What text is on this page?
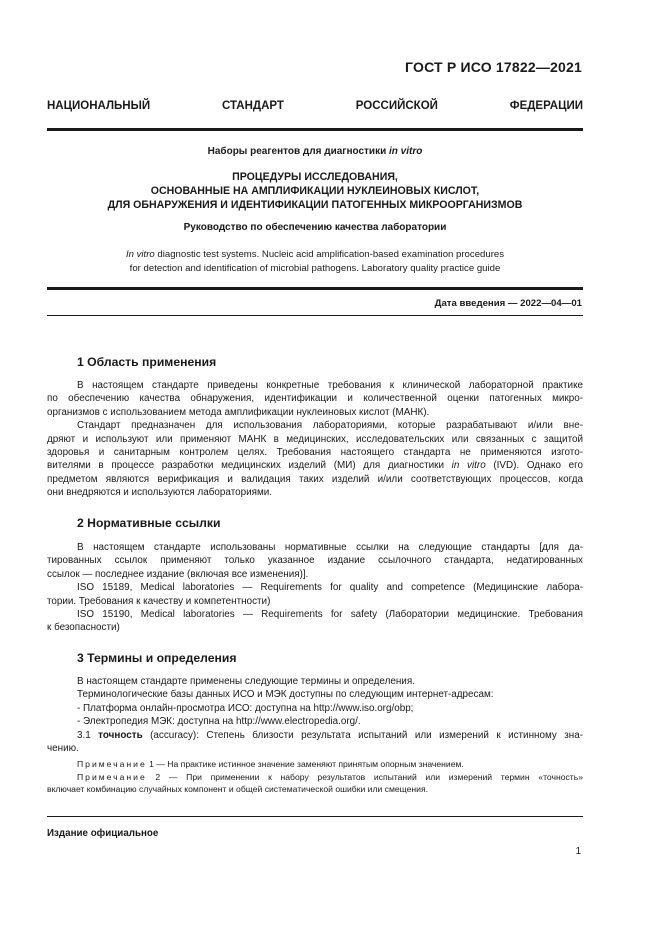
ГОСТ Р ИСО 17822—2021
НАЦИОНАЛЬНЫЙ СТАНДАРТ РОССИЙСКОЙ ФЕДЕРАЦИИ
Наборы реагентов для диагностики in vitro
ПРОЦЕДУРЫ ИССЛЕДОВАНИЯ,
ОСНОВАННЫЕ НА АМПЛИФИКАЦИИ НУКЛЕИНОВЫХ КИСЛОТ,
ДЛЯ ОБНАРУЖЕНИЯ И ИДЕНТИФИКАЦИИ ПАТОГЕННЫХ МИКРООРГАНИЗМОВ
Руководство по обеспечению качества лаборатории
In vitro diagnostic test systems. Nucleic acid amplification-based examination procedures
for detection and identification of microbial pathogens. Laboratory quality practice guide
Дата введения — 2022—04—01
1 Область применения
В настоящем стандарте приведены конкретные требования к клинической лабораторной практике
по обеспечению качества обнаружения, идентификации и количественной оценки патогенных микро-
организмов с использованием метода амплификации нуклеиновых кислот (МАНК).
Стандарт предназначен для использования лабораториями, которые разрабатывают и/или вне-
дряют и используют или применяют МАНК в медицинских, исследовательских или связанных с защитой
здоровья и санитарным контролем целях. Требования настоящего стандарта не применяются изгото-
вителями в процессе разработки медицинских изделий (МИ) для диагностики in vitro (IVD). Однако его
предметом являются верификация и валидация таких изделий и/или соответствующих процессов, когда
они внедряются и используются лабораториями.
2 Нормативные ссылки
В настоящем стандарте использованы нормативные ссылки на следующие стандарты [для да-
тированных ссылок применяют только указанное издание ссылочного стандарта, недатированных
ссылок — последнее издание (включая все изменения)].
ISO 15189, Medical laboratories — Requirements for quality and competence (Медицинские лабора-
тории. Требования к качеству и компетентности)
ISO 15190, Medical laboratories — Requirements for safety (Лаборатории медицинские. Требования
к безопасности)
3 Термины и определения
В настоящем стандарте применены следующие термины и определения.
Терминологические базы данных ИСО и МЭК доступны по следующим интернет-адресам:
- Платформа онлайн-просмотра ИСО: доступна на http://www.iso.org/obp;
- Электропедия МЭК: доступна на http://www.electropedia.org/.
3.1 точность (accuracy): Степень близости результата испытаний или измерений к истинному зна-
чению.
Примечание 1 — На практике истинное значение заменяют принятым опорным значением.
Примечание 2 — При применении к набору результатов испытаний или измерений термин «точность»
включает комбинацию случайных компонент и общей систематической ошибки или смещения.
Издание официальное
1
